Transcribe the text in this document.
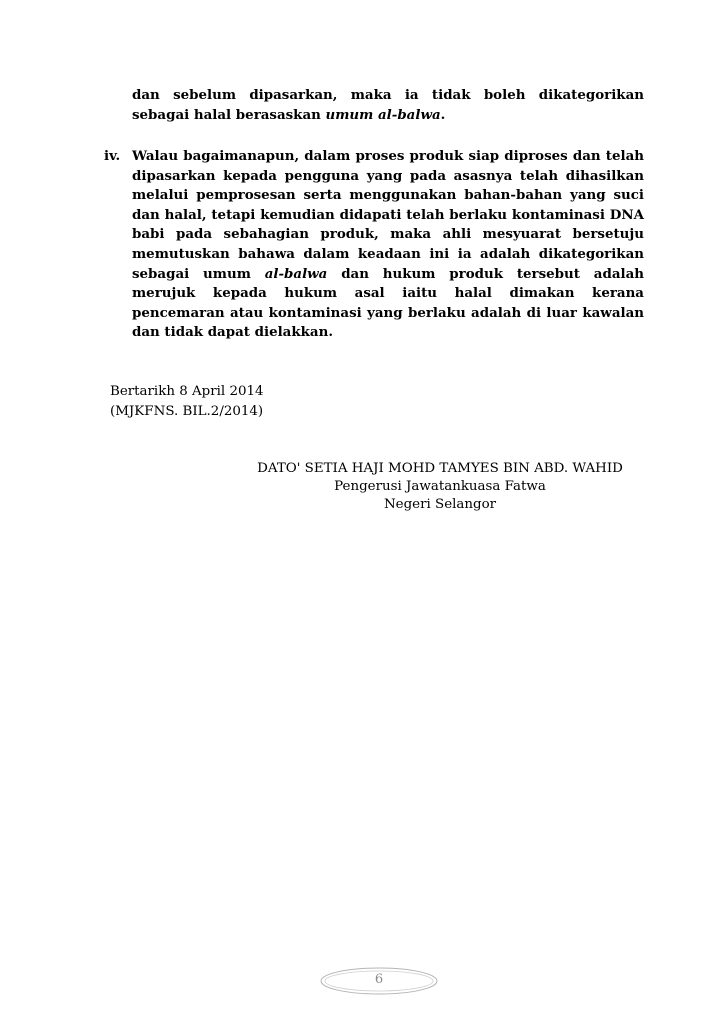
dan sebelum dipasarkan, maka ia tidak boleh dikategorikan sebagai halal berasaskan umum al-balwa.
iv. Walau bagaimanapun, dalam proses produk siap diproses dan telah dipasarkan kepada pengguna yang pada asasnya telah dihasilkan melalui pemprosesan serta menggunakan bahan-bahan yang suci dan halal, tetapi kemudian didapati telah berlaku kontaminasi DNA babi pada sebahagian produk, maka ahli mesyuarat bersetuju memutuskan bahawa dalam keadaan ini ia adalah dikategorikan sebagai umum al-balwa dan hukum produk tersebut adalah merujuk kepada hukum asal iaitu halal dimakan kerana pencemaran atau kontaminasi yang berlaku adalah di luar kawalan dan tidak dapat dielakkan.
Bertarikh 8 April 2014
(MJKFNS. BIL.2/2014)
DATO' SETIA HAJI MOHD TAMYES BIN ABD. WAHID
Pengerusi Jawatankuasa Fatwa
Negeri Selangor
6
